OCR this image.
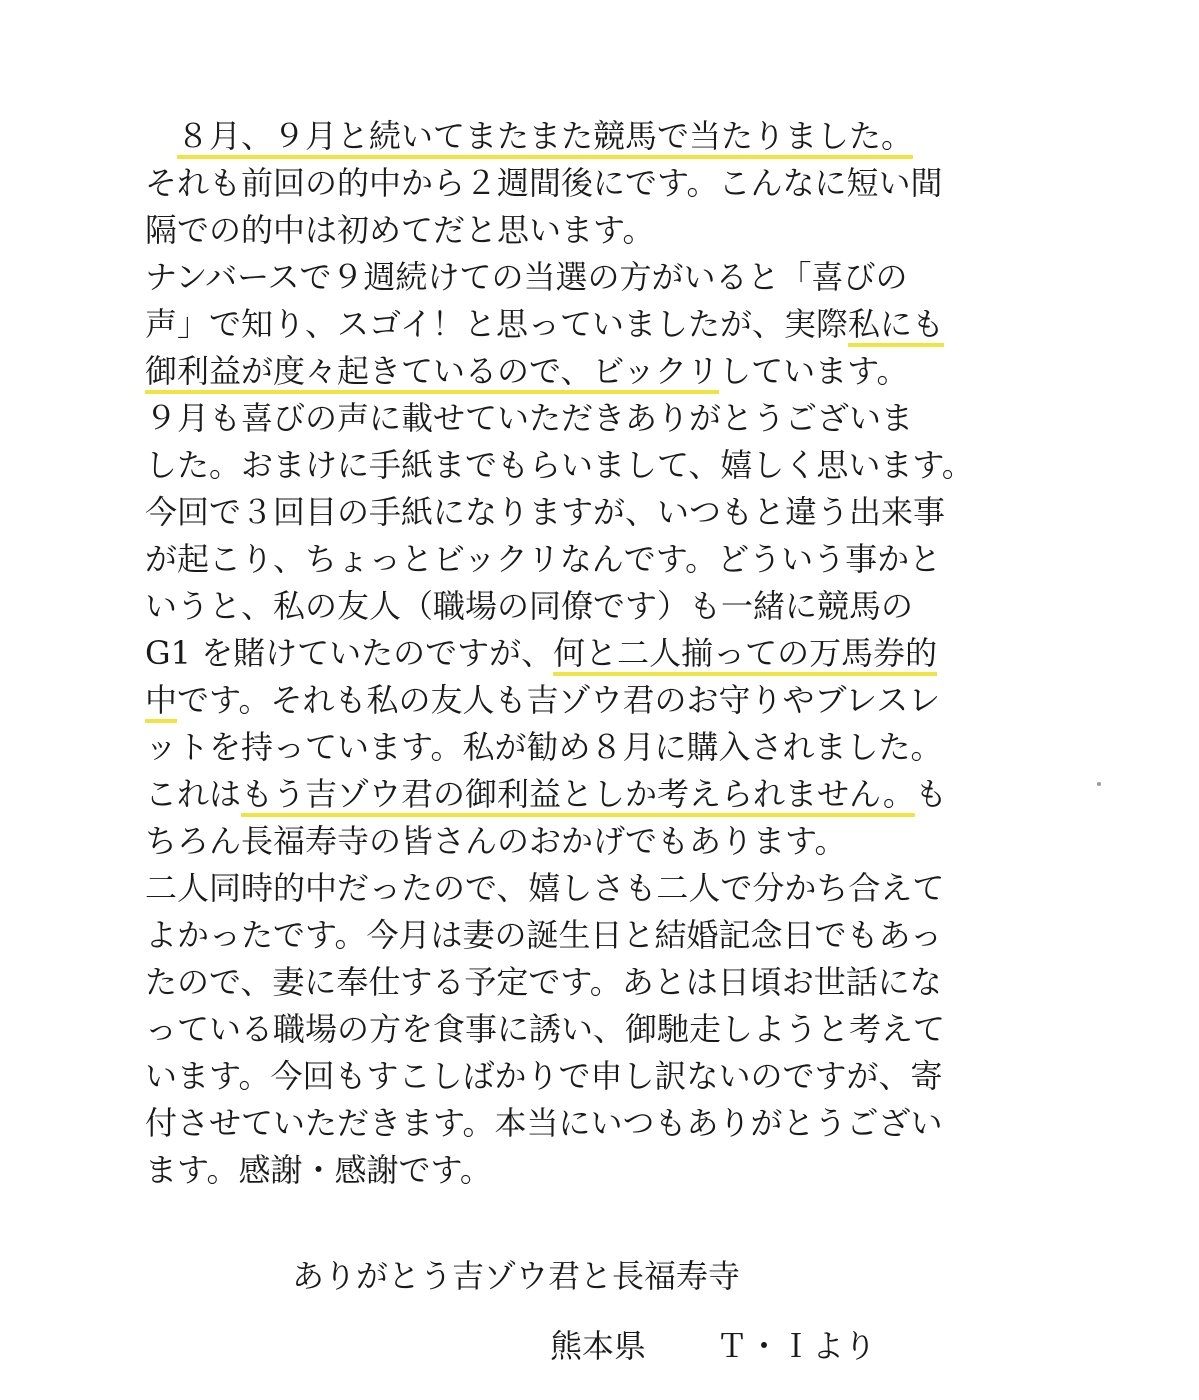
　８月、９月と続いてまたまた競馬で当たりました。
それも前回の的中から２週間後にです。こんなに短い間
隔での的中は初めてだと思います。
ナンバースで９週続けての当選の方がいると「喜びの
声」で知り、スゴイ！と思っていましたが、実際私にも
御利益が度々起きているので、ビックリしています。
９月も喜びの声に載せていただきありがとうございま
した。おまけに手紙までもらいまして、嬉しく思います。
今回で３回目の手紙になりますが、いつもと違う出来事
が起こり、ちょっとビックリなんです。どういう事かと
いうと、私の友人（職場の同僚です）も一緒に競馬の
G1 を賭けていたのですが、何と二人揃っての万馬券的
中です。それも私の友人も吉ゾウ君のお守りやブレスレ
ットを持っています。私が勧め８月に購入されました。
これはもう吉ゾウ君の御利益としか考えられません。も
ちろん長福寿寺の皆さんのおかげでもあります。
二人同時的中だったので、嬉しさも二人で分かち合えて
よかったです。今月は妻の誕生日と結婚記念日でもあっ
たので、妻に奉仕する予定です。あとは日頃お世話にな
っている職場の方を食事に誘い、御馳走しようと考えて
います。今回もすこしばかりで申し訳ないのですが、寄
付させていただきます。本当にいつもありがとうござい
ます。感謝・感謝です。
ありがとう吉ゾウ君と長福寿寺
熊本県 Ｔ・Ｉより
